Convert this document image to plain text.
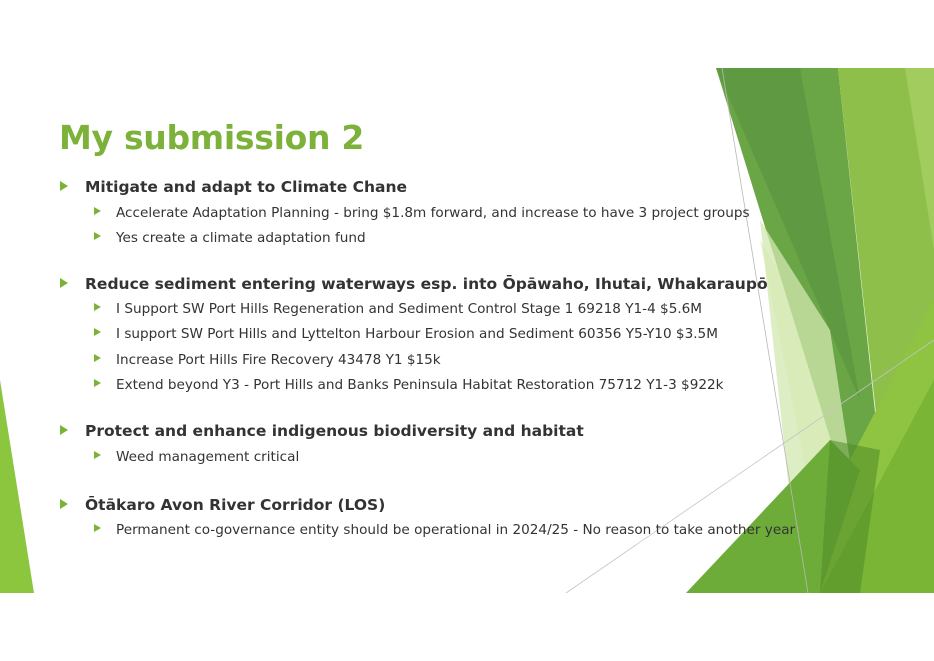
My submission 2
Mitigate and adapt to Climate Chane
Accelerate Adaptation Planning - bring $1.8m forward, and increase to have 3 project groups
Yes create a climate adaptation fund
Reduce sediment entering waterways esp. into Ōpāwaho, Ihutai, Whakaraupō
I Support SW Port Hills Regeneration and Sediment Control Stage 1 69218 Y1-4 $5.6M
I support SW Port Hills and Lyttelton Harbour Erosion and Sediment 60356 Y5-Y10 $3.5M
Increase Port Hills Fire Recovery 43478 Y1 $15k
Extend beyond Y3 - Port Hills and Banks Peninsula Habitat Restoration 75712 Y1-3 $922k
Protect and enhance indigenous biodiversity and habitat
Weed management critical
Ōtākaro Avon River Corridor (LOS)
Permanent co-governance entity should be operational in 2024/25 - No reason to take another year
